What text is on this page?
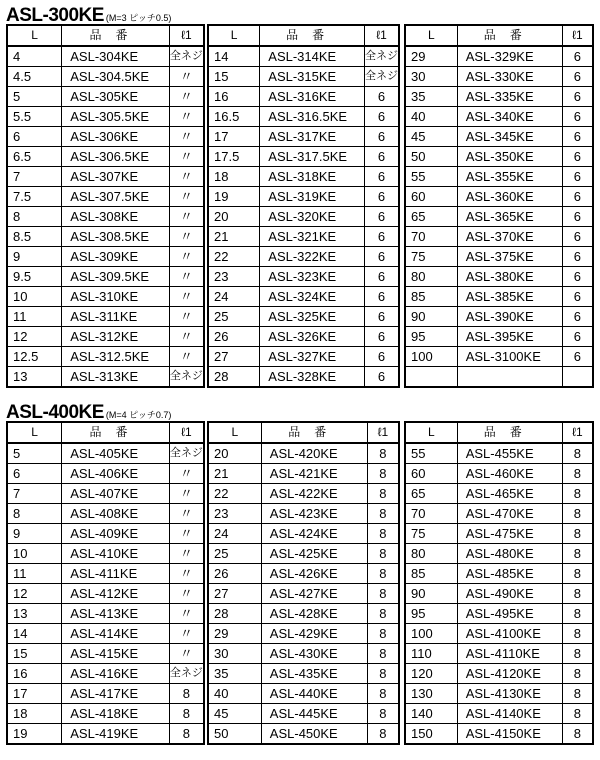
ASL-300KE (M=3 ピッチ0.5)
L	品番	ℓ1
4	ASL-304KE	全ネジ
4.5	ASL-304.5KE	〃
5	ASL-305KE	〃
5.5	ASL-305.5KE	〃
6	ASL-306KE	〃
6.5	ASL-306.5KE	〃
7	ASL-307KE	〃
7.5	ASL-307.5KE	〃
8	ASL-308KE	〃
8.5	ASL-308.5KE	〃
9	ASL-309KE	〃
9.5	ASL-309.5KE	〃
10	ASL-310KE	〃
11	ASL-311KE	〃
12	ASL-312KE	〃
12.5	ASL-312.5KE	〃
13	ASL-313KE	全ネジ
L	品番	ℓ1
14	ASL-314KE	全ネジ
15	ASL-315KE	全ネジ
16	ASL-316KE	6
16.5	ASL-316.5KE	6
17	ASL-317KE	6
17.5	ASL-317.5KE	6
18	ASL-318KE	6
19	ASL-319KE	6
20	ASL-320KE	6
21	ASL-321KE	6
22	ASL-322KE	6
23	ASL-323KE	6
24	ASL-324KE	6
25	ASL-325KE	6
26	ASL-326KE	6
27	ASL-327KE	6
28	ASL-328KE	6
L	品番	ℓ1
29	ASL-329KE	6
30	ASL-330KE	6
35	ASL-335KE	6
40	ASL-340KE	6
45	ASL-345KE	6
50	ASL-350KE	6
55	ASL-355KE	6
60	ASL-360KE	6
65	ASL-365KE	6
70	ASL-370KE	6
75	ASL-375KE	6
80	ASL-380KE	6
85	ASL-385KE	6
90	ASL-390KE	6
95	ASL-395KE	6
100	ASL-3100KE	6

ASL-400KE (M=4 ピッチ0.7)
L	品番	ℓ1
5	ASL-405KE	全ネジ
6	ASL-406KE	〃
7	ASL-407KE	〃
8	ASL-408KE	〃
9	ASL-409KE	〃
10	ASL-410KE	〃
11	ASL-411KE	〃
12	ASL-412KE	〃
13	ASL-413KE	〃
14	ASL-414KE	〃
15	ASL-415KE	〃
16	ASL-416KE	全ネジ
17	ASL-417KE	8
18	ASL-418KE	8
19	ASL-419KE	8
L	品番	ℓ1
20	ASL-420KE	8
21	ASL-421KE	8
22	ASL-422KE	8
23	ASL-423KE	8
24	ASL-424KE	8
25	ASL-425KE	8
26	ASL-426KE	8
27	ASL-427KE	8
28	ASL-428KE	8
29	ASL-429KE	8
30	ASL-430KE	8
35	ASL-435KE	8
40	ASL-440KE	8
45	ASL-445KE	8
50	ASL-450KE	8
L	品番	ℓ1
55	ASL-455KE	8
60	ASL-460KE	8
65	ASL-465KE	8
70	ASL-470KE	8
75	ASL-475KE	8
80	ASL-480KE	8
85	ASL-485KE	8
90	ASL-490KE	8
95	ASL-495KE	8
100	ASL-4100KE	8
110	ASL-4110KE	8
120	ASL-4120KE	8
130	ASL-4130KE	8
140	ASL-4140KE	8
150	ASL-4150KE	8
